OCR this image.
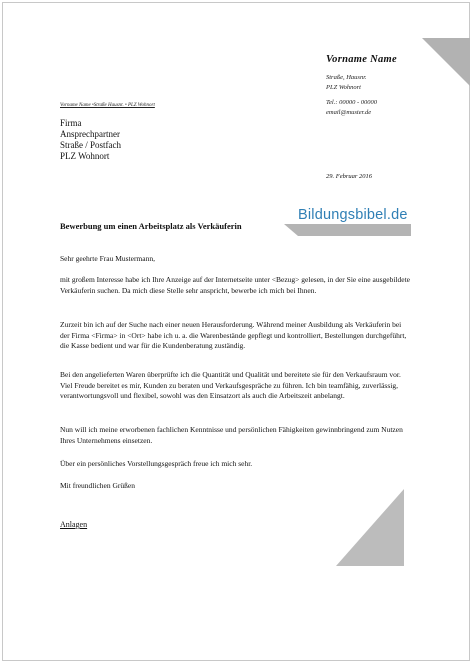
Vorname Name
Straße, Hausnr.
PLZ Wohnort
Tel.: 00000 - 00000
email@muster.de
Vorname Name •Straße Hausnr. • PLZ Wohnort
Firma
Ansprechpartner
Straße / Postfach
PLZ Wohnort
29. Februar 2016
Bildungsbibel.de
Bewerbung um einen Arbeitsplatz als Verkäuferin
Sehr geehrte Frau Mustermann,
mit großem Interesse habe ich Ihre Anzeige auf der Internetseite unter <Bezug> gelesen, in der Sie eine ausgebildete Verkäuferin suchen. Da mich diese Stelle sehr anspricht, bewerbe ich mich bei Ihnen.
Zurzeit bin ich auf der Suche nach einer neuen Herausforderung. Während meiner Ausbildung als Verkäuferin bei der Firma <Firma> in <Ort> habe ich u. a. die Warenbestände gepflegt und kontrolliert, Bestellungen durchgeführt, die Kasse bedient und war für die Kundenberatung zuständig.
Bei den angelieferten Waren überprüfte ich die Quantität und Qualität und bereitete sie für den Verkaufsraum vor. Viel Freude bereitet es mir, Kunden zu beraten und Verkaufsgespräche zu führen. Ich bin teamfähig, zuverlässig, verantwortungsvoll und flexibel, sowohl was den Einsatzort als auch die Arbeitszeit anbelangt.
Nun will ich meine erworbenen fachlichen Kenntnisse und persönlichen Fähigkeiten gewinnbringend zum Nutzen Ihres Unternehmens einsetzen.
Über ein persönliches Vorstellungsgespräch freue ich mich sehr.
Mit freundlichen Grüßen
Anlagen
